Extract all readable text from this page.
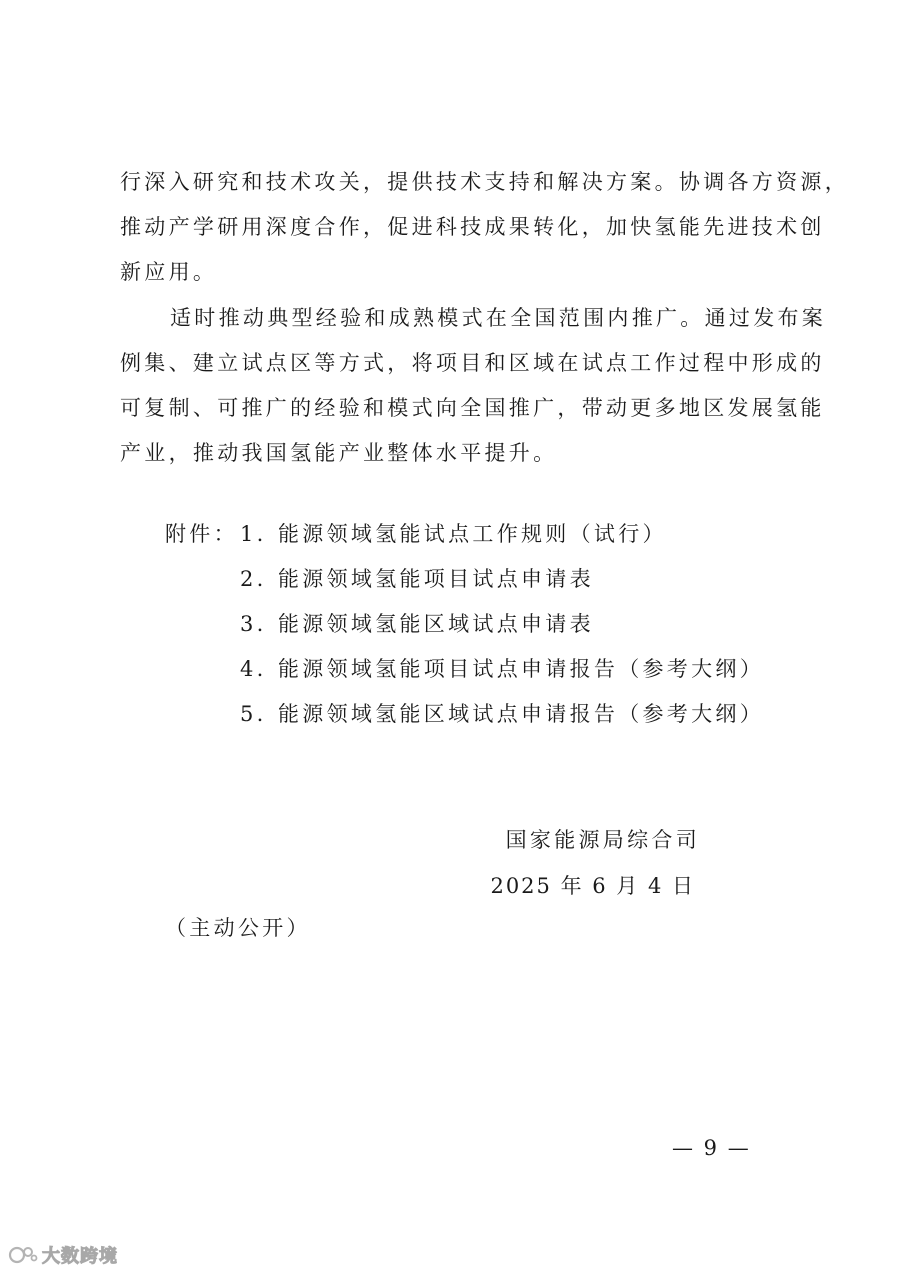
行深入研究和技术攻关，提供技术支持和解决方案。协调各方资源，
推动产学研用深度合作，促进科技成果转化，加快氢能先进技术创
新应用。
适时推动典型经验和成熟模式在全国范围内推广。通过发布案
例集、建立试点区等方式，将项目和区域在试点工作过程中形成的
可复制、可推广的经验和模式向全国推广，带动更多地区发展氢能
产业，推动我国氢能产业整体水平提升。
附件： 1. 能源领域氢能试点工作规则（试行）
2. 能源领域氢能项目试点申请表
3. 能源领域氢能区域试点申请表
4. 能源领域氢能项目试点申请报告（参考大纲）
5. 能源领域氢能区域试点申请报告（参考大纲）
国家能源局综合司
2025 年 6 月 4 日
（主动公开）
— 9 —
大数跨境
